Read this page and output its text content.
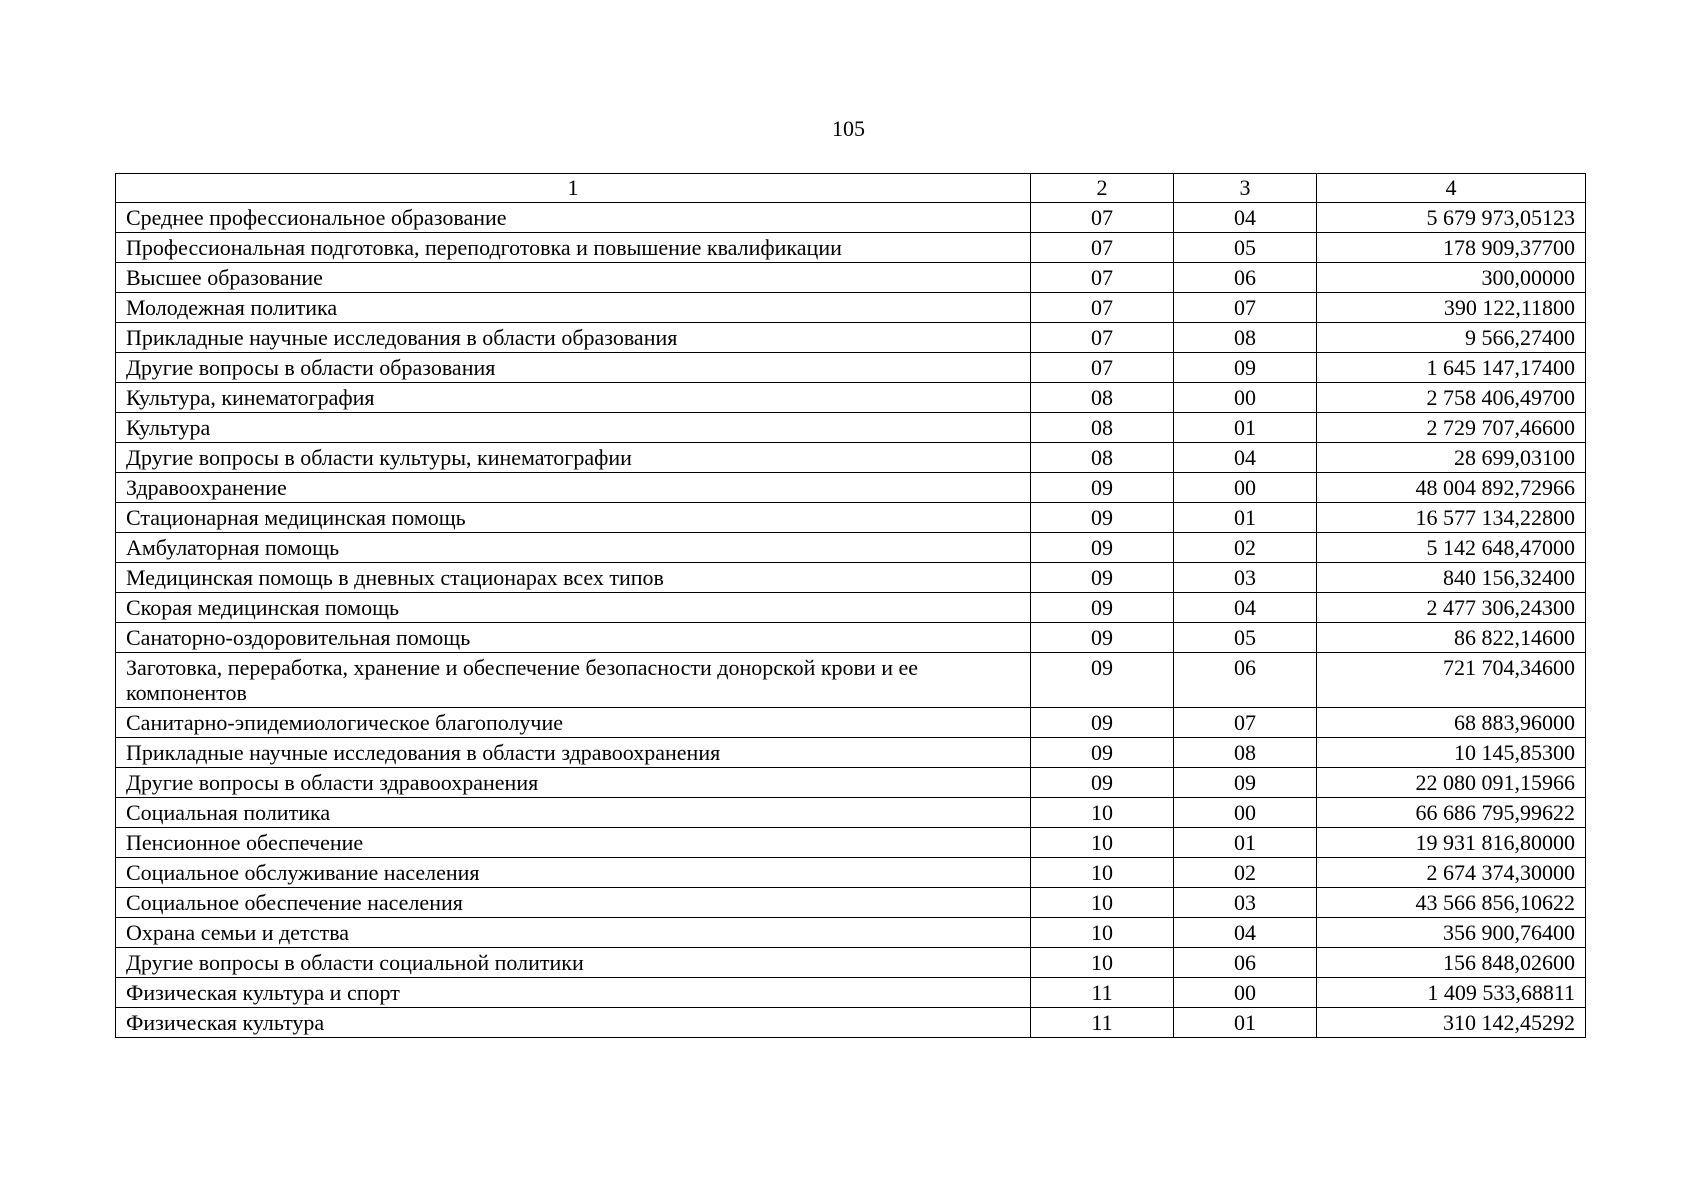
105
1	2	3	4
Среднее профессиональное образование	07	04	5 679 973,05123
Профессиональная подготовка, переподготовка и повышение квалификации	07	05	178 909,37700
Высшее образование	07	06	300,00000
Молодежная политика	07	07	390 122,11800
Прикладные научные исследования в области образования	07	08	9 566,27400
Другие вопросы в области образования	07	09	1 645 147,17400
Культура, кинематография	08	00	2 758 406,49700
Культура	08	01	2 729 707,46600
Другие вопросы в области культуры, кинематографии	08	04	28 699,03100
Здравоохранение	09	00	48 004 892,72966
Стационарная медицинская помощь	09	01	16 577 134,22800
Амбулаторная помощь	09	02	5 142 648,47000
Медицинская помощь в дневных стационарах всех типов	09	03	840 156,32400
Скорая медицинская помощь	09	04	2 477 306,24300
Санаторно-оздоровительная помощь	09	05	86 822,14600
Заготовка, переработка, хранение и обеспечение безопасности донорской крови и ее компонентов	09	06	721 704,34600
Санитарно-эпидемиологическое благополучие	09	07	68 883,96000
Прикладные научные исследования в области здравоохранения	09	08	10 145,85300
Другие вопросы в области здравоохранения	09	09	22 080 091,15966
Социальная политика	10	00	66 686 795,99622
Пенсионное обеспечение	10	01	19 931 816,80000
Социальное обслуживание населения	10	02	2 674 374,30000
Социальное обеспечение населения	10	03	43 566 856,10622
Охрана семьи и детства	10	04	356 900,76400
Другие вопросы в области социальной политики	10	06	156 848,02600
Физическая культура и спорт	11	00	1 409 533,68811
Физическая культура	11	01	310 142,45292
